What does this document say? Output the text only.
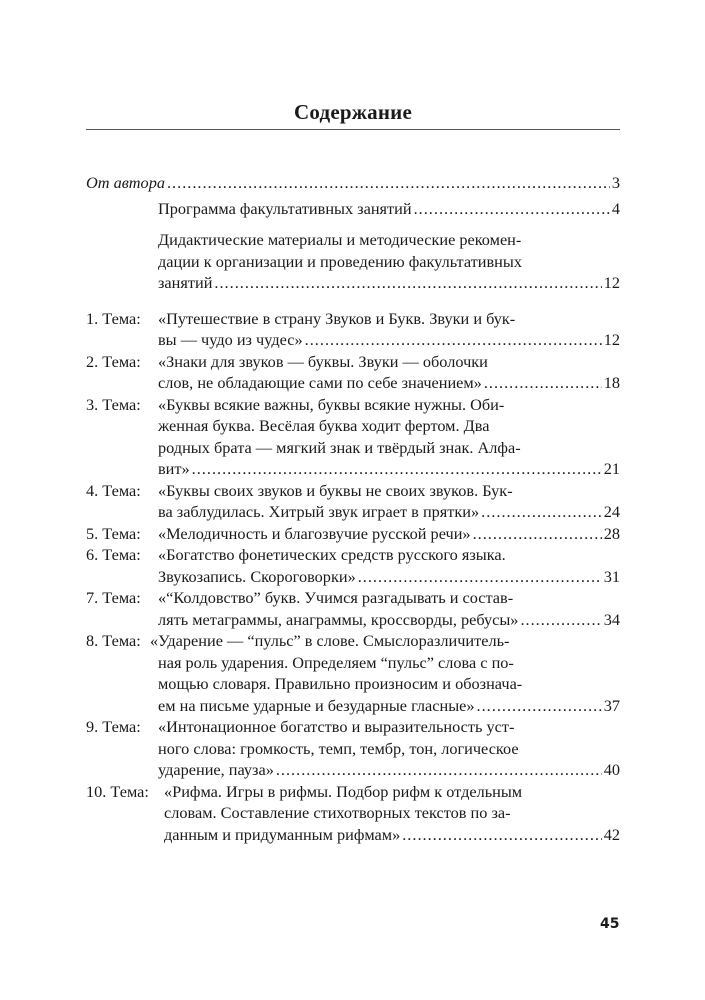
Содержание
От автора .....	3
Программа факультативных занятий .....	4
Дидактические материалы и методические рекомен-
дации к организации и проведению факультативных
занятий .....	12
1. Тема: «Путешествие в страну Звуков и Букв. Звуки и бук-
вы — чудо из чудес» .....	12
2. Тема: «Знаки для звуков — буквы. Звуки — оболочки
слов, не обладающие сами по себе значением» .....	18
3. Тема: «Буквы всякие важны, буквы всякие нужны. Оби-
женная буква. Весёлая буква ходит фертом. Два
родных брата — мягкий знак и твёрдый знак. Алфа-
вит» .....	21
4. Тема: «Буквы своих звуков и буквы не своих звуков. Бук-
ва заблудилась. Хитрый звук играет в прятки» .....	24
5. Тема: «Мелодичность и благозвучие русской речи» .....	28
6. Тема: «Богатство фонетических средств русского языка.
Звукозапись. Скороговорки» .....	31
7. Тема: «“Колдовство” букв. Учимся разгадывать и состав-
лять метаграммы, анаграммы, кроссворды, ребусы» .....	34
8. Тема: «Ударение — “пульс” в слове. Смыслоразличитель-
ная роль ударения. Определяем “пульс” слова с по-
мощью словаря. Правильно произносим и обознача-
ем на письме ударные и безударные гласные» .....	37
9. Тема: «Интонационное богатство и выразительность уст-
ного слова: громкость, темп, тембр, тон, логическое
ударение, пауза» .....	40
10. Тема: «Рифма. Игры в рифмы. Подбор рифм к отдельным
словам. Составление стихотворных текстов по за-
данным и придуманным рифмам» .....	42
45
